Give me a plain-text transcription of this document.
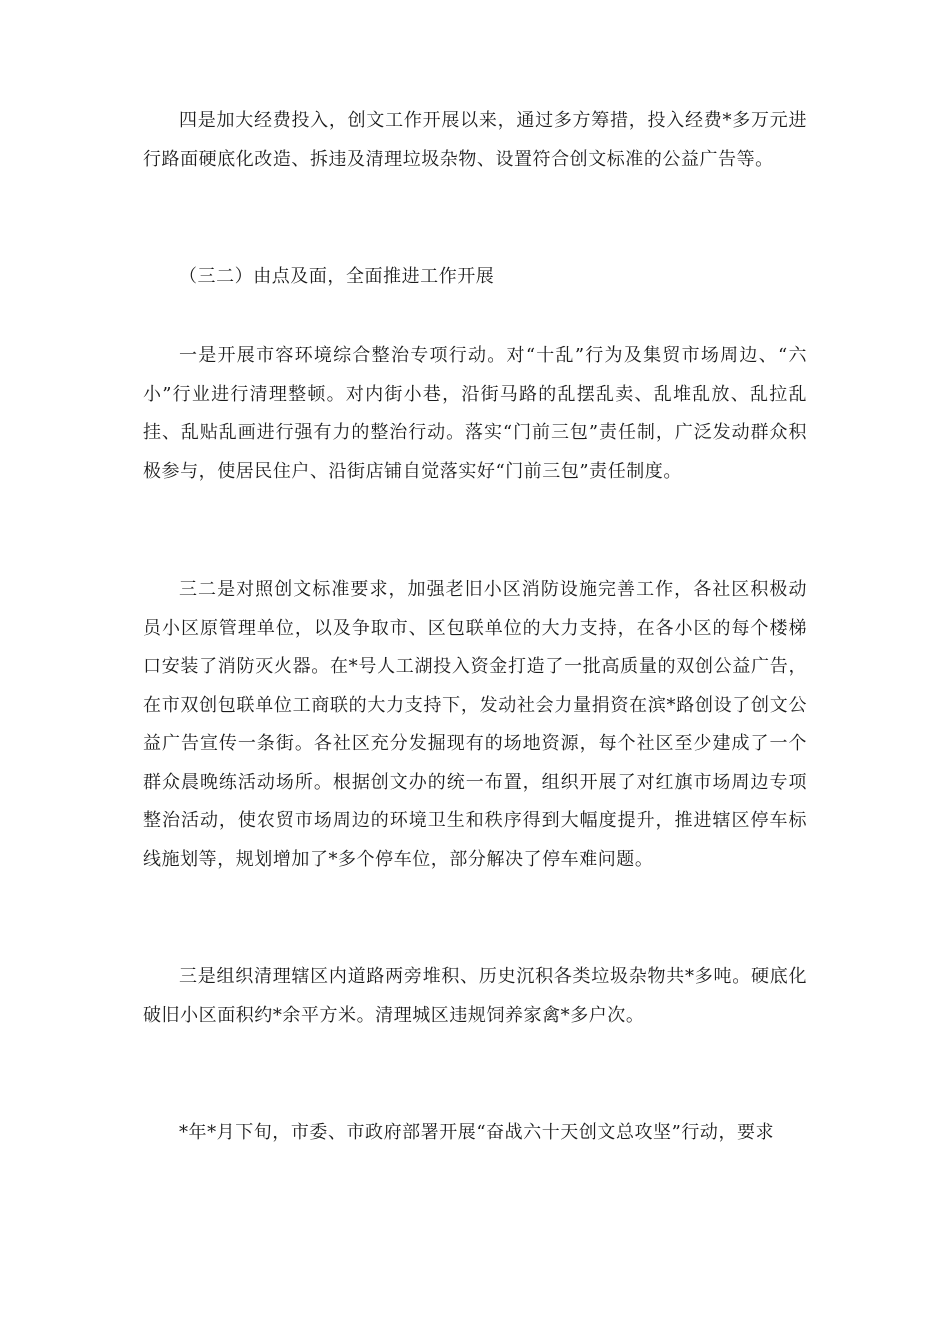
四是加大经费投入，创文工作开展以来，通过多方筹措，投入经费*多万元进行路面硬底化改造、拆违及清理垃圾杂物、设置符合创文标准的公益广告等。

（三二）由点及面，全面推进工作开展

一是开展市容环境综合整治专项行动。对“十乱”行为及集贸市场周边、“六小”行业进行清理整顿。对内街小巷，沿街马路的乱摆乱卖、乱堆乱放、乱拉乱挂、乱贴乱画进行强有力的整治行动。落实“门前三包”责任制，广泛发动群众积极参与，使居民住户、沿街店铺自觉落实好“门前三包”责任制度。

三二是对照创文标准要求，加强老旧小区消防设施完善工作，各社区积极动员小区原管理单位，以及争取市、区包联单位的大力支持，在各小区的每个楼梯口安装了消防灭火器。在*号人工湖投入资金打造了一批高质量的双创公益广告，在市双创包联单位工商联的大力支持下，发动社会力量捐资在滨*路创设了创文公益广告宣传一条街。各社区充分发掘现有的场地资源，每个社区至少建成了一个群众晨晚练活动场所。根据创文办的统一布置，组织开展了对红旗市场周边专项整治活动，使农贸市场周边的环境卫生和秩序得到大幅度提升，推进辖区停车标线施划等，规划增加了*多个停车位，部分解决了停车难问题。

三是组织清理辖区内道路两旁堆积、历史沉积各类垃圾杂物共*多吨。硬底化破旧小区面积约*余平方米。清理城区违规饲养家禽*多户次。

*年*月下旬，市委、市政府部署开展“奋战六十天创文总攻坚”行动，要求
